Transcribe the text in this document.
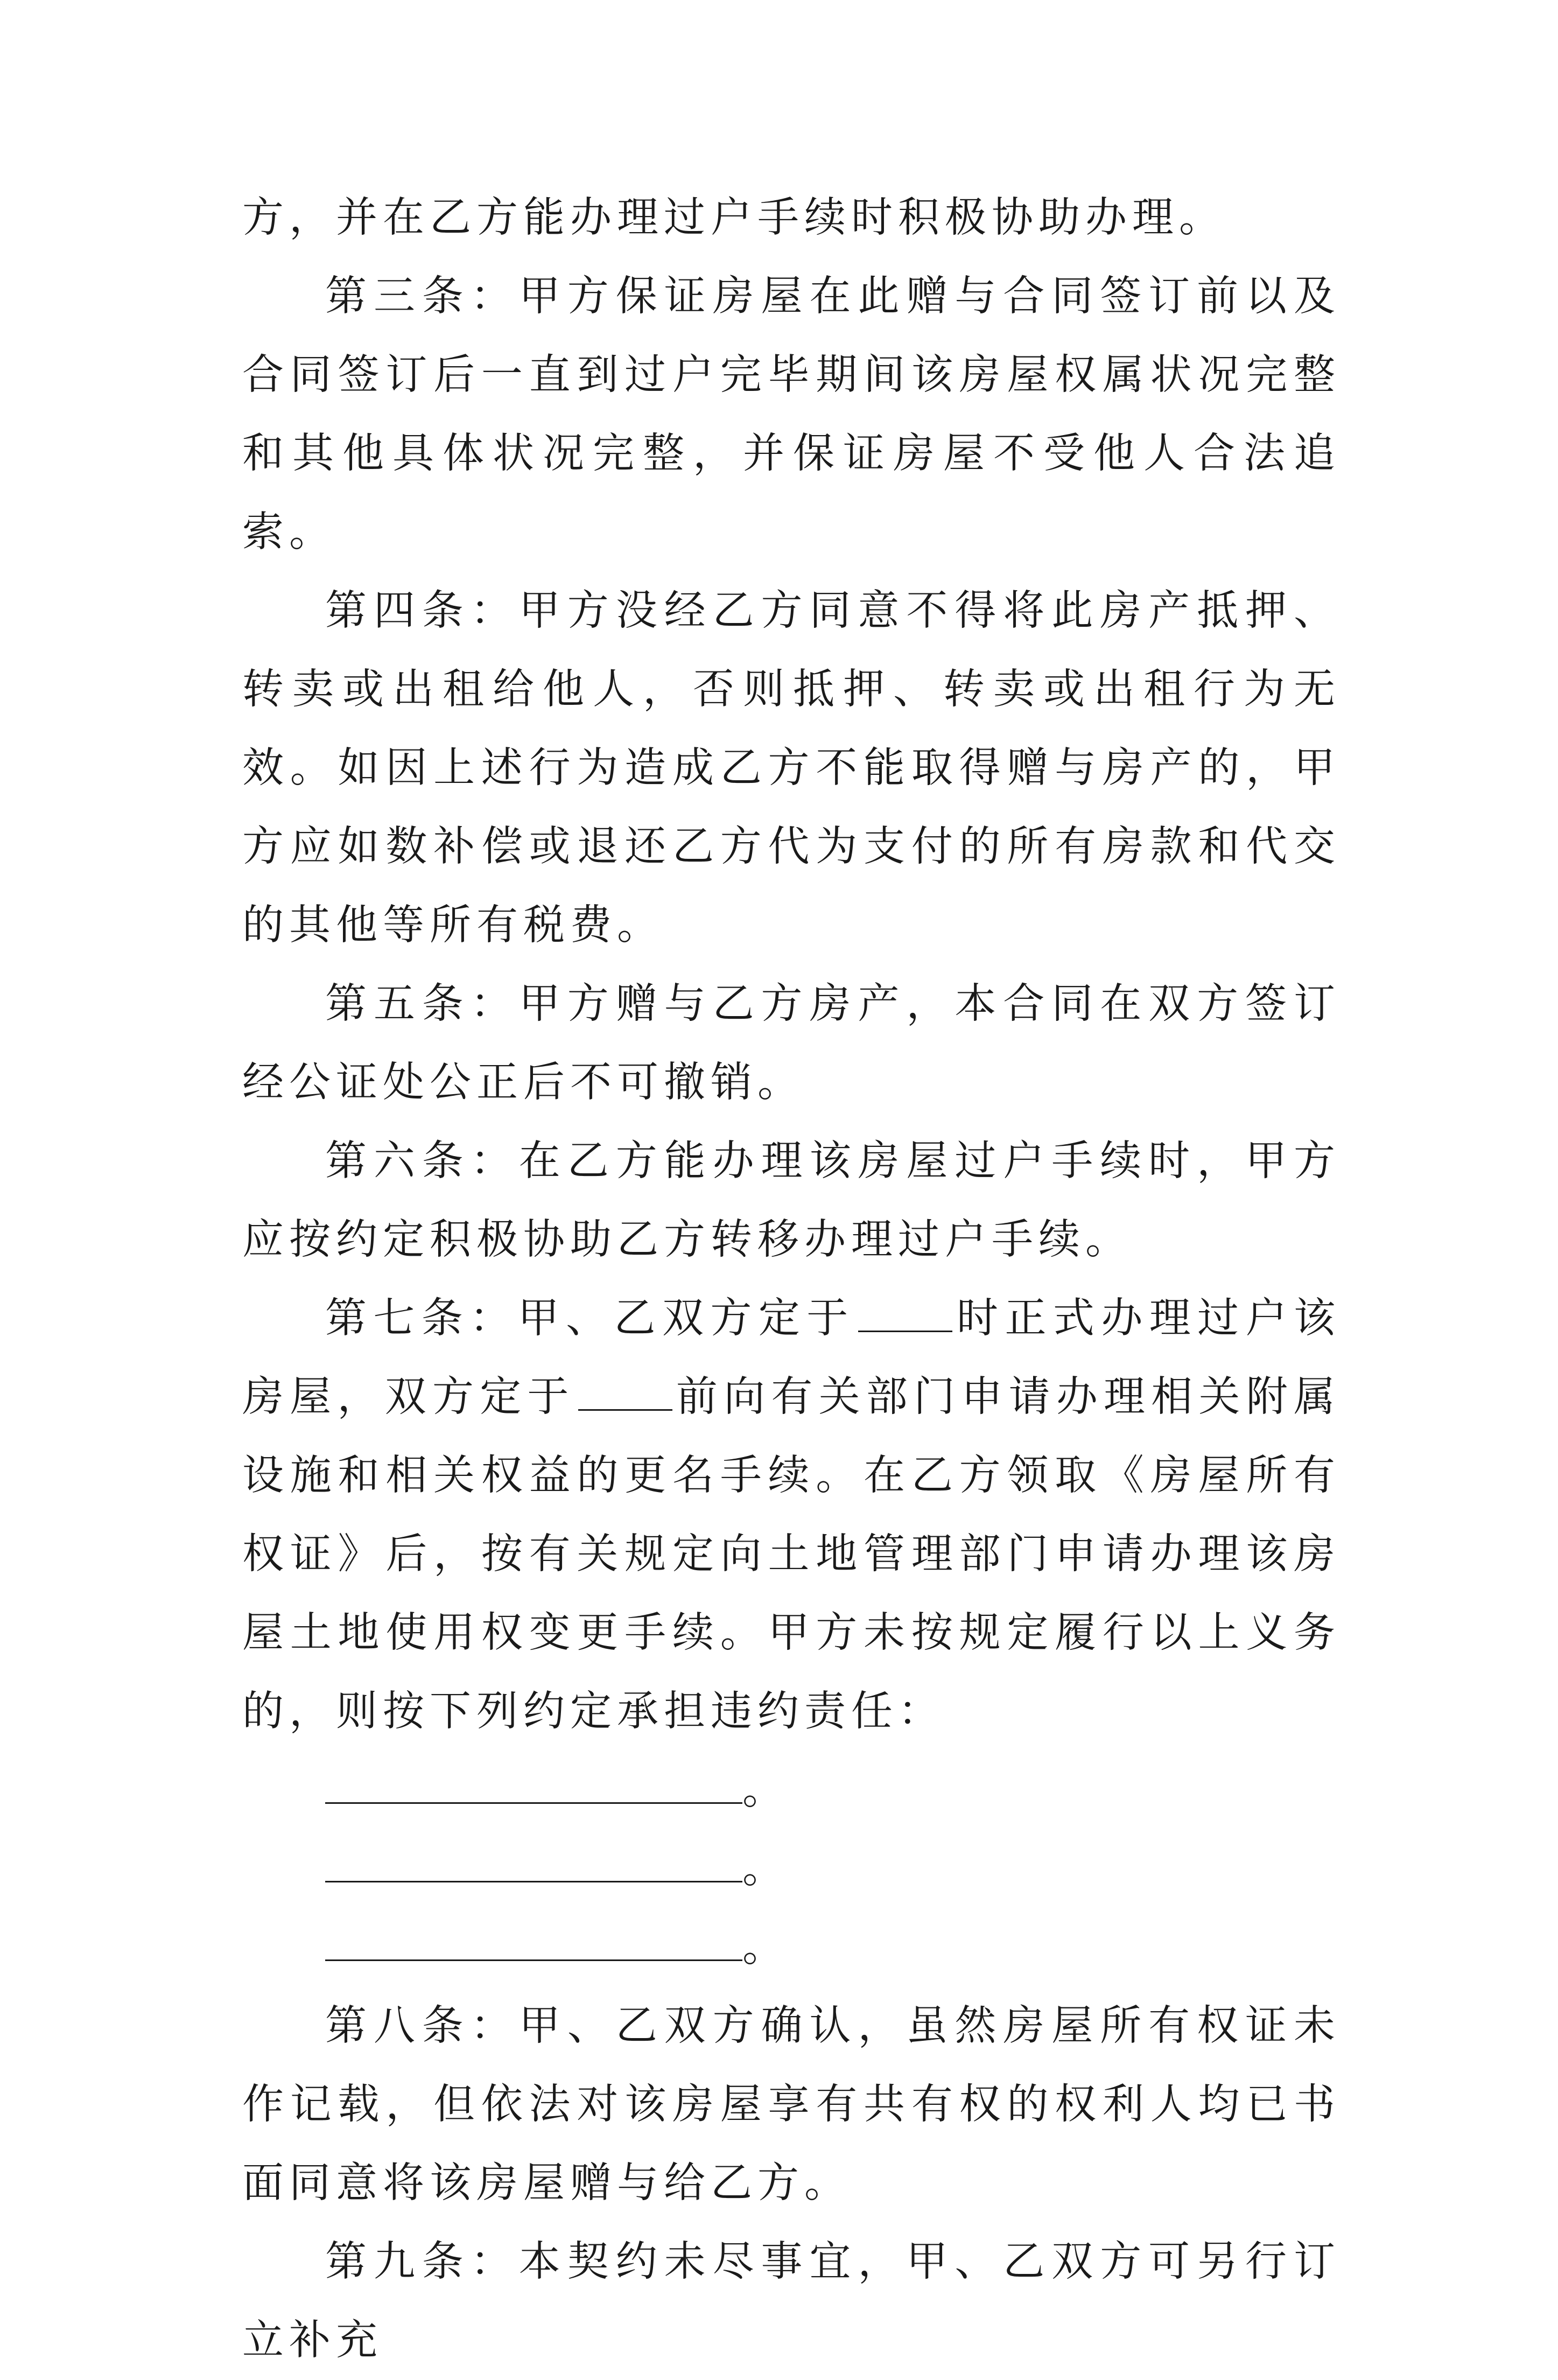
方，并在乙方能办理过户手续时积极协助办理。

第三条：甲方保证房屋在此赠与合同签订前以及合同签订后一直到过户完毕期间该房屋权属状况完整和其他具体状况完整，并保证房屋不受他人合法追索。

第四条：甲方没经乙方同意不得将此房产抵押、转卖或出租给他人，否则抵押、转卖或出租行为无效。如因上述行为造成乙方不能取得赠与房产的，甲方应如数补偿或退还乙方代为支付的所有房款和代交的其他等所有税费。

第五条：甲方赠与乙方房产，本合同在双方签订经公证处公正后不可撤销。

第六条：在乙方能办理该房屋过户手续时，甲方应按约定积极协助乙方转移办理过户手续。

第七条：甲、乙双方定于 时正式办理过户该房屋，双方定于 前向有关部门申请办理相关附属设施和相关权益的更名手续。在乙方领取《房屋所有权证》后，按有关规定向土地管理部门申请办理该房屋土地使用权变更手续。甲方未按规定履行以上义务的，则按下列约定承担违约责任：

。
。
。

第八条：甲、乙双方确认，虽然房屋所有权证未作记载，但依法对该房屋享有共有权的权利人均已书面同意将该房屋赠与给乙方。

第九条：本契约未尽事宜，甲、乙双方可另行订立补充
